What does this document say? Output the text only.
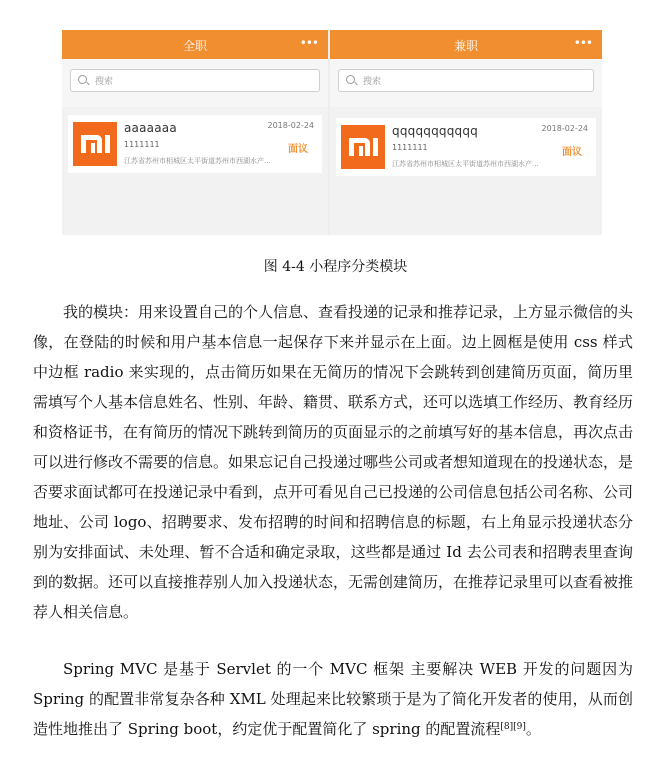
全职	•••
搜索
aaaaaaa
1111111
江苏省苏州市相城区太平街道苏州市西湖水产...
2018-02-24
面议
兼职	•••
搜索
qqqqqqqqqqq
1111111
江苏省苏州市相城区太平街道苏州市西湖水产...
2018-02-24
面议
图 4-4 小程序分类模块

我的模块：用来设置自己的个人信息、查看投递的记录和推荐记录，上方显示微信的头像，在登陆的时候和用户基本信息一起保存下来并显示在上面。边上圆框是使用 css 样式中边框 radio 来实现的，点击简历如果在无简历的情况下会跳转到创建简历页面，简历里需填写个人基本信息姓名、性别、年龄、籍贯、联系方式，还可以选填工作经历、教育经历和资格证书，在有简历的情况下跳转到简历的页面显示的之前填写好的基本信息，再次点击可以进行修改不需要的信息。如果忘记自己投递过哪些公司或者想知道现在的投递状态，是否要求面试都可在投递记录中看到，点开可看见自己已投递的公司信息包括公司名称、公司地址、公司 logo、招聘要求、发布招聘的时间和招聘信息的标题，右上角显示投递状态分别为安排面试、未处理、暂不合适和确定录取，这些都是通过 Id 去公司表和招聘表里查询到的数据。还可以直接推荐别人加入投递状态，无需创建简历，在推荐记录里可以查看被推荐人相关信息。

Spring MVC 是基于 Servlet 的一个 MVC 框架 主要解决 WEB 开发的问题因为 Spring 的配置非常复杂各种 XML 处理起来比较繁琐于是为了简化开发者的使用，从而创造性地推出了 Spring boot，约定优于配置简化了 spring 的配置流程[8][9]。
